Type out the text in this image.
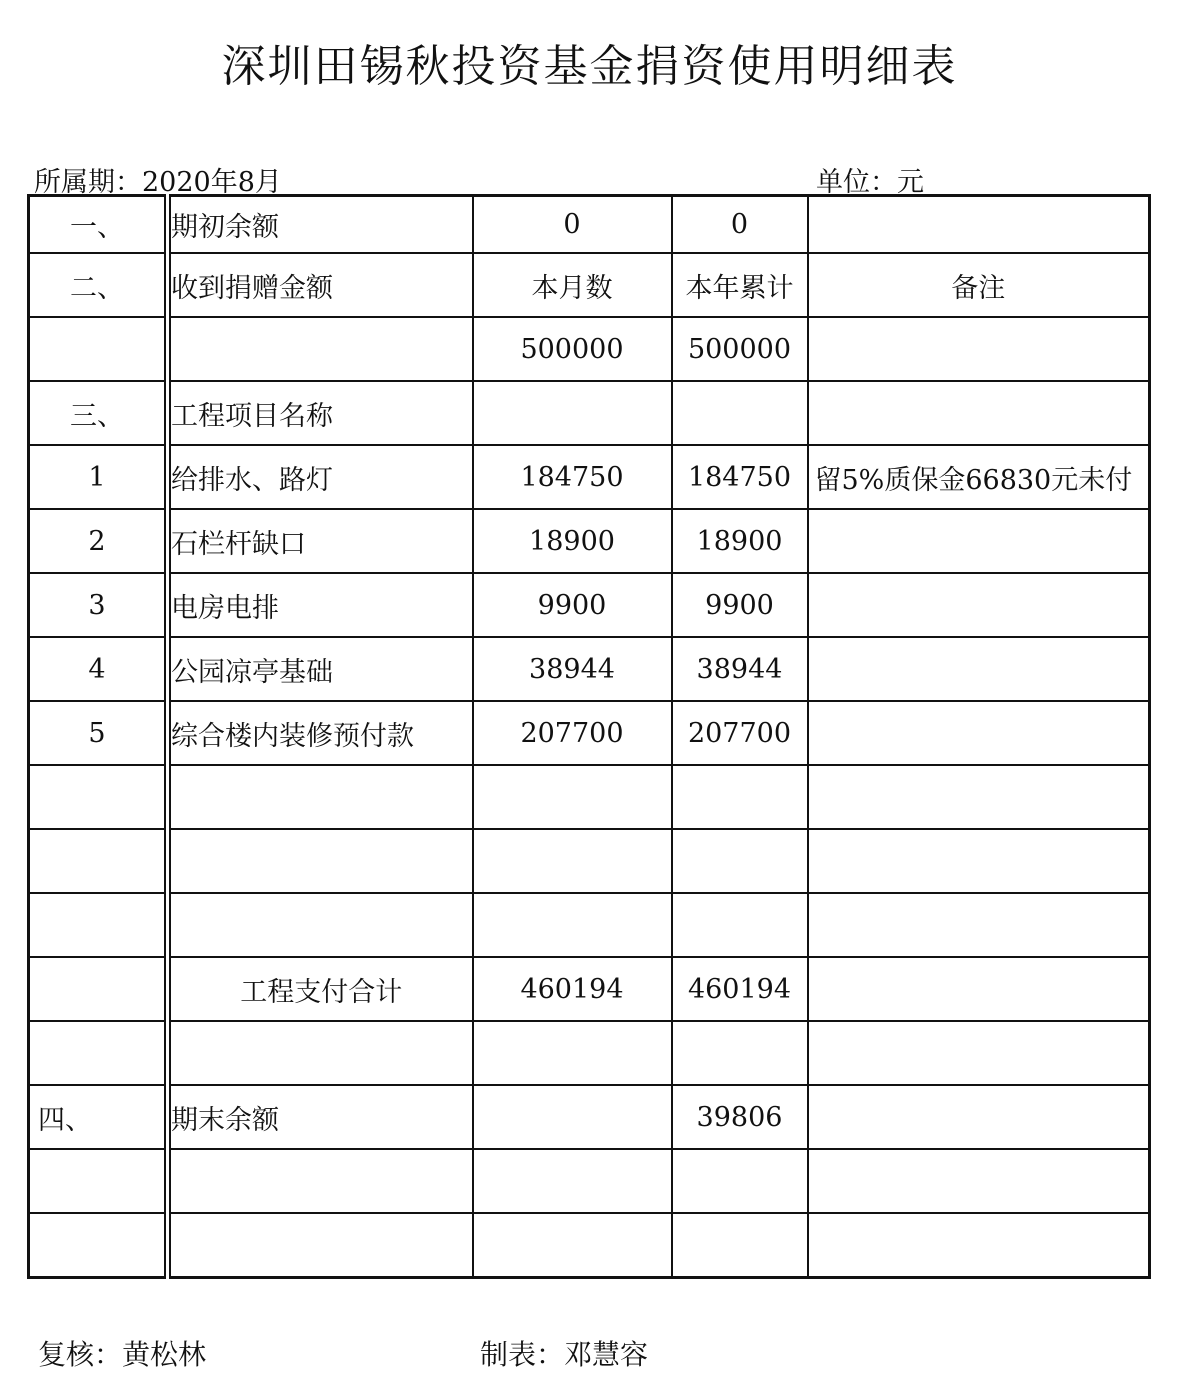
深圳田锡秋投资基金捐资使用明细表
所属期：2020年8月	单位：元
一、	期初余额	0	0	
二、	收到捐赠金额	本月数	本年累计	备注
		500000	500000	
三、	工程项目名称			
1	给排水、路灯	184750	184750	留5%质保金66830元未付
2	石栏杆缺口	18900	18900	
3	电房电排	9900	9900	
4	公园凉亭基础	38944	38944	
5	综合楼内装修预付款	207700	207700	

	工程支付合计	460194	460194	

四、	期末余额		39806	

复核：黄松林	制表：邓慧容
